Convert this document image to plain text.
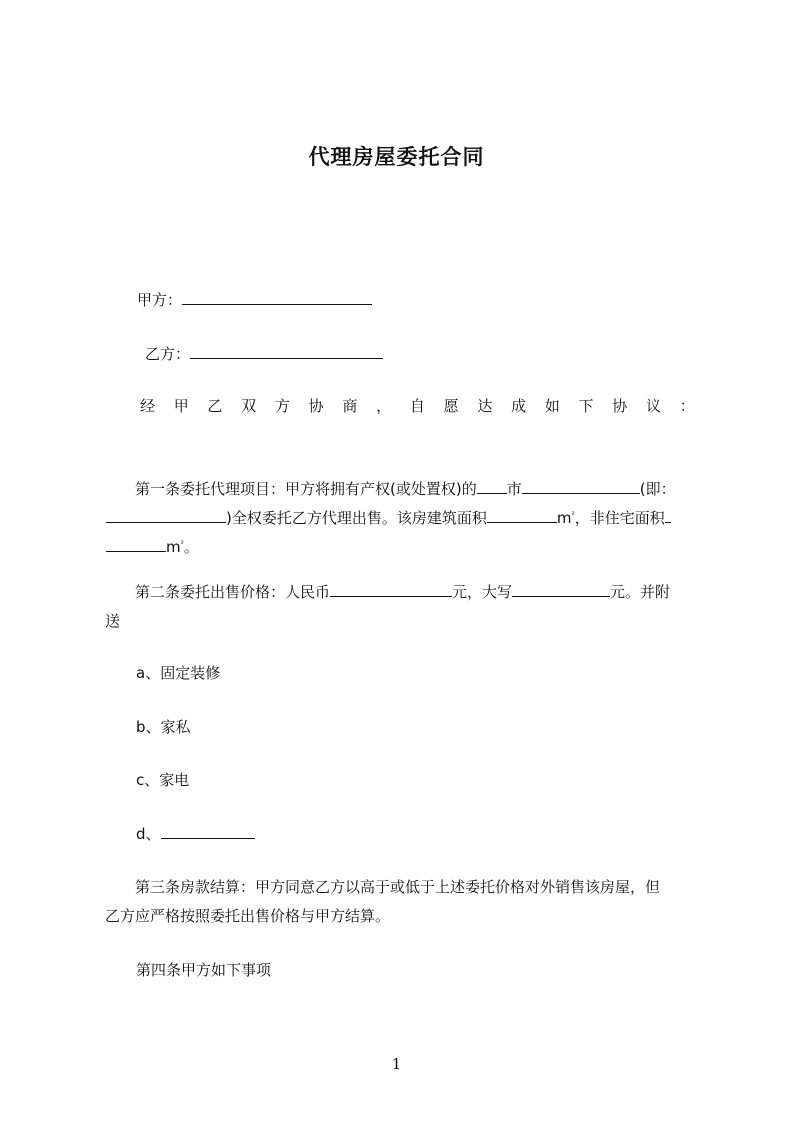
代理房屋委托合同
甲方：
乙方：
经 甲 乙 双 方 协 商 ， 自 愿 达 成 如 下 协 议 ：
第一条委托代理项目：甲方将拥有产权(或处置权)的 市	(即：
)全权委托乙方代理出售。该房建筑面积	$m^{^2}$，非住宅面积
$m^{^2}$。
第二条委托出售价格：人民币	元，大写	元。并附
送
a、固定装修
b、家私
c、家电
d、
第三条房款结算：甲方同意乙方以高于或低于上述委托价格对外销售该房屋，但
乙方应严格按照委托出售价格与甲方结算。
第四条甲方如下事项
1
